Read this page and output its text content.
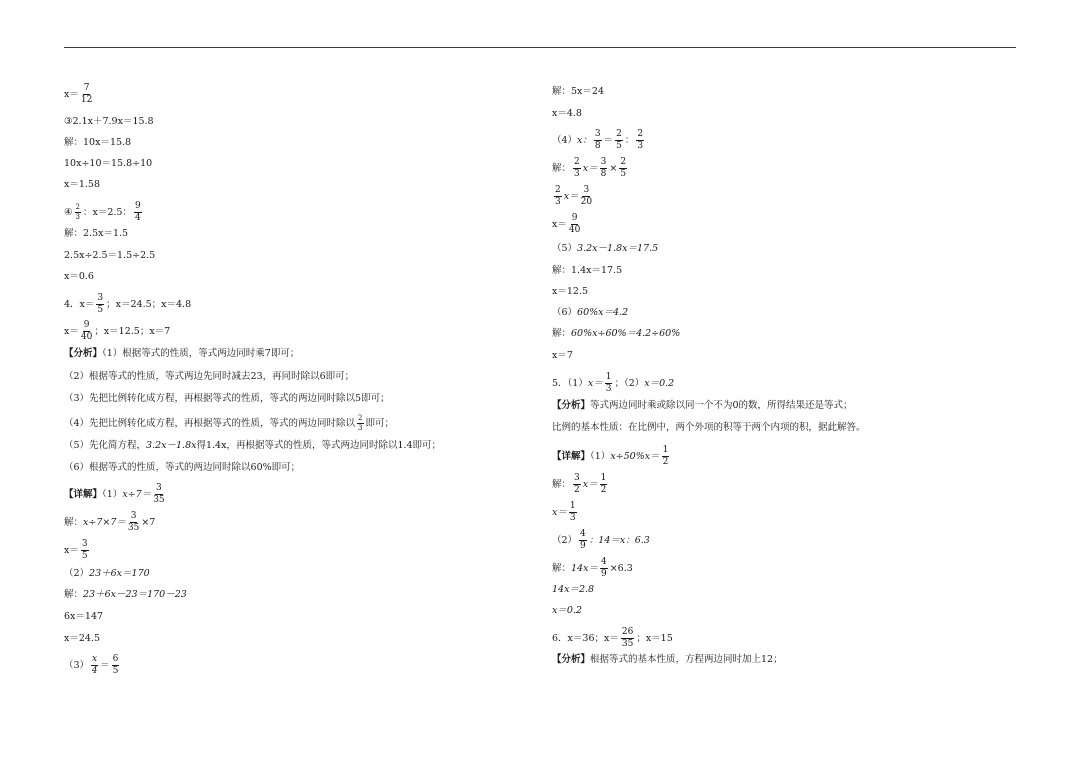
$x= \frac{7}{12}$
③2.1x＋7.9x＝15.8
解：10x＝15.8
10x÷10＝15.8÷10
x＝1.58
④ $\frac{2}{3}$ ：x＝2.5： $\frac{9}{4}$
解：2.5x＝1.5
2.5x÷2.5＝1.5÷2.5
x＝0.6
4．$x= \frac{3}{5}$ ；x＝24.5；x＝4.8
$x= \frac{9}{40}$ ；x＝12.5；x＝7
【分析】（1）根据等式的性质，等式两边同时乘7即可；
（2）根据等式的性质，等式两边先同时减去23，再同时除以6即可；
（3）先把比例转化成方程，再根据等式的性质，等式的两边同时除以5即可；
（4）先把比例转化成方程，再根据等式的性质，等式的两边同时除以 $\frac{2}{3}$ 即可；
（5）先化简方程，3.2x－1.8x得1.4x，再根据等式的性质，等式两边同时除以1.4即可；
（6）根据等式的性质，等式的两边同时除以60%即可；
【详解】$(1)x\div 7= \frac{3}{35}$
解：$x\div 7\times 7= \frac{3}{35} \times 7$
$x= \frac{3}{5}$
（2）23＋6x＝170
解：23＋6x－23＝170－23
6x＝147
x＝24.5
$(3) \frac{x}{4} = \frac{6}{5}$
解：5x＝24
x＝4.8
（4）x： $\frac{3}{8} = \frac{2}{5}$ ： $\frac{2}{3}$
解： $\frac{2}{3} x= \frac{3}{8} \times \frac{2}{5}$
$\frac{2}{3} x= \frac{3}{20}$
$x= \frac{9}{40}$
（5）3.2x－1.8x＝17.5
解：1.4x＝17.5
x＝12.5
（6）60%x＝4.2
解：60%x÷60%＝4.2÷60%
x＝7
5．$(1)x= \frac{1}{3}$ ；（2）x＝0.2
【分析】等式两边同时乘或除以同一个不为0的数，所得结果还是等式；
比例的基本性质：在比例中，两个外项的积等于两个内项的积，据此解答。
【详解】$(1)x\div 50\%x= \frac{1}{2}$
解： $\frac{3}{2} x= \frac{1}{2}$
$x= \frac{1}{3}$
$(2) \frac{4}{9}$ ：14＝x：6.3
解：$14x= \frac{4}{9} \times 6.3$
14x＝2.8
x＝0.2
6．x＝36；$x= \frac{26}{35}$ ；x＝15
【分析】根据等式的基本性质，方程两边同时加上12；
